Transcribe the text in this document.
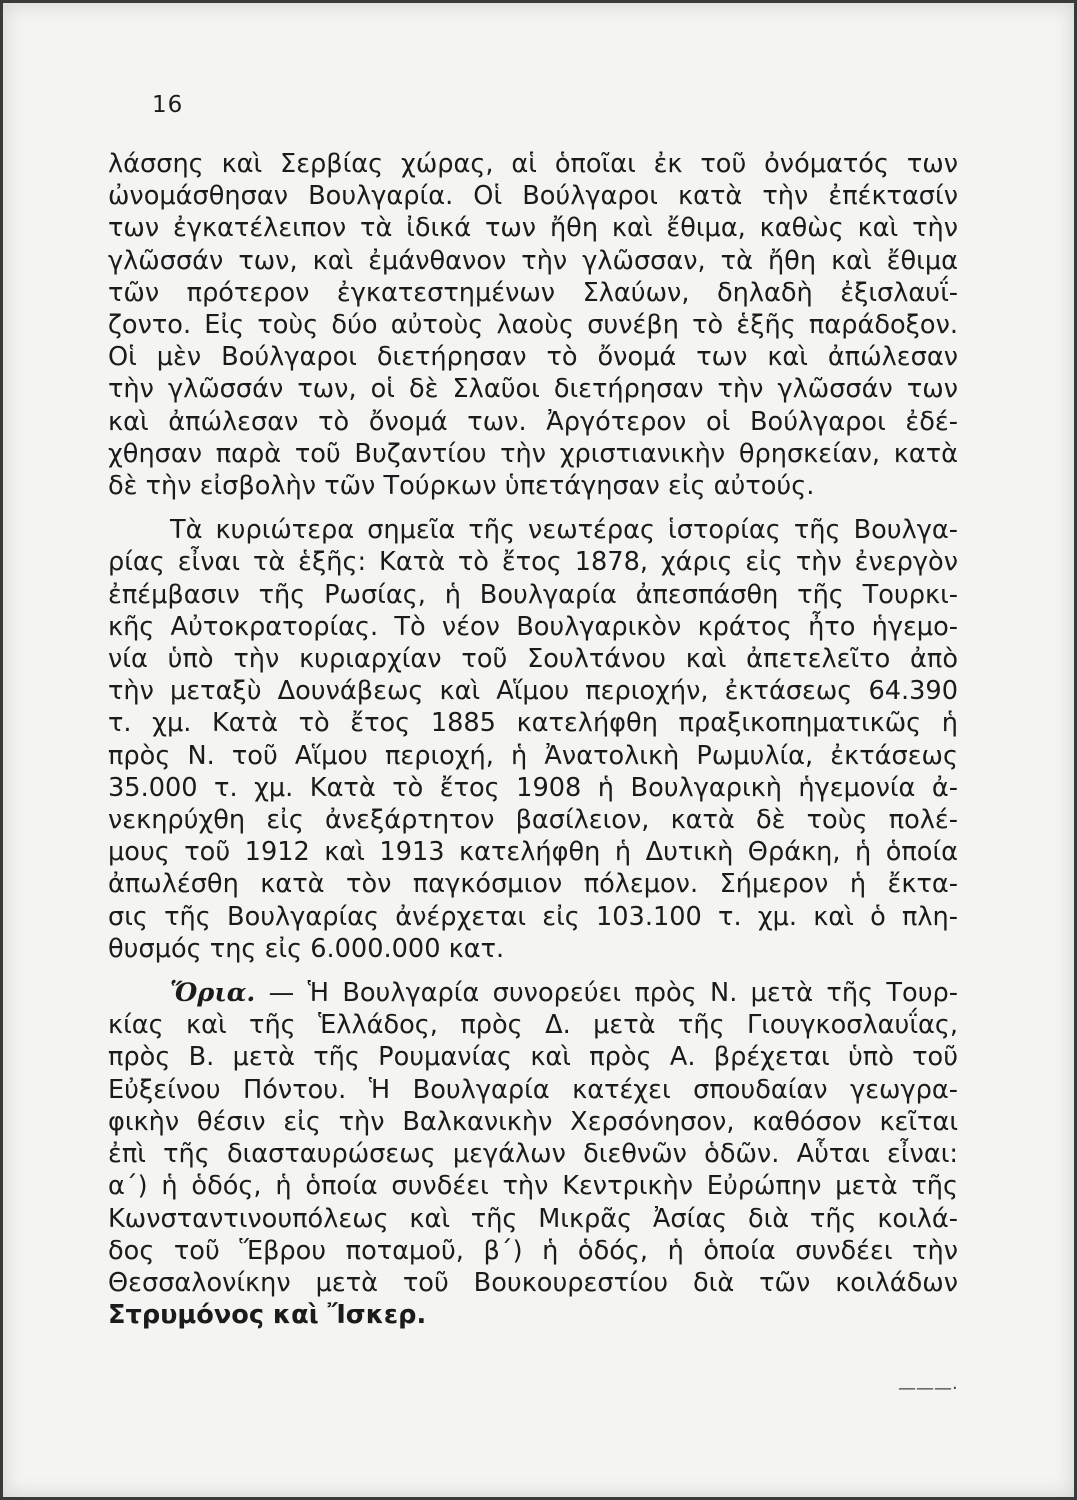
16
λάσσης καὶ Σερβίας χώρας, αἱ ὁποῖαι ἐκ τοῦ ὀνόματός των
ὠνομάσθησαν Βουλγαρία. Οἱ Βούλγαροι κατὰ τὴν ἐπέκτασίν
των ἐγκατέλειπον τὰ ἰδικά των ἤθη καὶ ἔθιμα, καθὼς καὶ τὴν
γλῶσσάν των, καὶ ἐμάνθανον τὴν γλῶσσαν, τὰ ἤθη καὶ ἔθιμα
τῶν πρότερον ἐγκατεστημένων Σλαύων, δηλαδὴ ἐξισλαυΐ-
ζοντο. Εἰς τοὺς δύο αὐτοὺς λαοὺς συνέβη τὸ ἑξῆς παράδοξον.
Οἱ μὲν Βούλγαροι διετήρησαν τὸ ὄνομά των καὶ ἀπώλεσαν
τὴν γλῶσσάν των, οἱ δὲ Σλαῦοι διετήρησαν τὴν γλῶσσάν των
καὶ ἀπώλεσαν τὸ ὄνομά των. Ἀργότερον οἱ Βούλγαροι ἐδέ-
χθησαν παρὰ τοῦ Βυζαντίου τὴν χριστιανικὴν θρησκείαν, κατὰ
δὲ τὴν εἰσβολὴν τῶν Τούρκων ὑπετάγησαν εἰς αὐτούς.
Τὰ κυριώτερα σημεῖα τῆς νεωτέρας ἱστορίας τῆς Βουλγα-
ρίας εἶναι τὰ ἑξῆς: Κατὰ τὸ ἔτος 1878, χάρις εἰς τὴν ἐνεργὸν
ἐπέμβασιν τῆς Ρωσίας, ἡ Βουλγαρία ἀπεσπάσθη τῆς Τουρκι-
κῆς Αὐτοκρατορίας. Τὸ νέον Βουλγαρικὸν κράτος ἦτο ἡγεμο-
νία ὑπὸ τὴν κυριαρχίαν τοῦ Σουλτάνου καὶ ἀπετελεῖτο ἀπὸ
τὴν μεταξὺ Δουνάβεως καὶ Αἵμου περιοχήν, ἐκτάσεως 64.390
τ. χμ. Κατὰ τὸ ἔτος 1885 κατελήφθη πραξικοπηματικῶς ἡ
πρὸς Ν. τοῦ Αἵμου περιοχή, ἡ Ἀνατολικὴ Ρωμυλία, ἐκτάσεως
35.000 τ. χμ. Κατὰ τὸ ἔτος 1908 ἡ Βουλγαρικὴ ἡγεμονία ἀ-
νεκηρύχθη εἰς ἀνεξάρτητον βασίλειον, κατὰ δὲ τοὺς πολέ-
μους τοῦ 1912 καὶ 1913 κατελήφθη ἡ Δυτικὴ Θράκη, ἡ ὁποία
ἀπωλέσθη κατὰ τὸν παγκόσμιον πόλεμον. Σήμερον ἡ ἔκτα-
σις τῆς Βουλγαρίας ἀνέρχεται εἰς 103.100 τ. χμ. καὶ ὁ πλη-
θυσμός της εἰς 6.000.000 κατ.
Ὅρια. — Ἡ Βουλγαρία συνορεύει πρὸς Ν. μετὰ τῆς Τουρ-
κίας καὶ τῆς Ἑλλάδος, πρὸς Δ. μετὰ τῆς Γιουγκοσλαυΐας,
πρὸς Β. μετὰ τῆς Ρουμανίας καὶ πρὸς Α. βρέχεται ὑπὸ τοῦ
Εὐξείνου Πόντου. Ἡ Βουλγαρία κατέχει σπουδαίαν γεωγρα-
φικὴν θέσιν εἰς τὴν Βαλκανικὴν Χερσόνησον, καθόσον κεῖται
ἐπὶ τῆς διασταυρώσεως μεγάλων διεθνῶν ὁδῶν. Αὗται εἶναι:
α΄) ἡ ὁδός, ἡ ὁποία συνδέει τὴν Κεντρικὴν Εὐρώπην μετὰ τῆς
Κωνσταντινουπόλεως καὶ τῆς Μικρᾶς Ἀσίας διὰ τῆς κοιλά-
δος τοῦ Ἕβρου ποταμοῦ, β΄) ἡ ὁδός, ἡ ὁποία συνδέει τὴν
Θεσσαλονίκην μετὰ τοῦ Βουκουρεστίου διὰ τῶν κοιλάδων
Στρυμόνος καὶ Ἴσκερ.
———·
